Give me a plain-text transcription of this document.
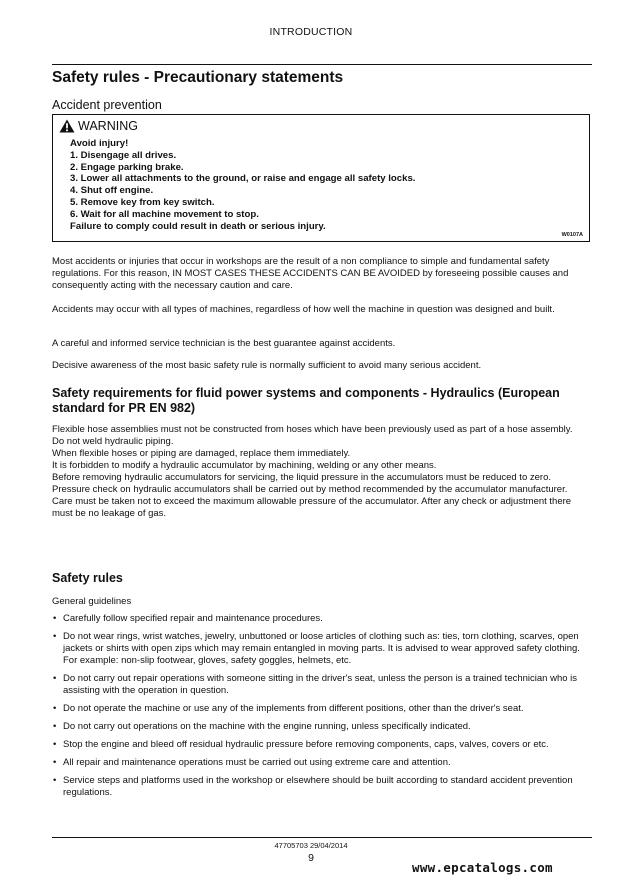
INTRODUCTION
Safety rules - Precautionary statements
Accident prevention
WARNING
Avoid injury!
1. Disengage all drives.
2. Engage parking brake.
3. Lower all attachments to the ground, or raise and engage all safety locks.
4. Shut off engine.
5. Remove key from key switch.
6. Wait for all machine movement to stop.
Failure to comply could result in death or serious injury.
W0107A

Most accidents or injuries that occur in workshops are the result of a non compliance to simple and fundamental safety regulations. For this reason, IN MOST CASES THESE ACCIDENTS CAN BE AVOIDED by foreseeing possible causes and consequently acting with the necessary caution and care.

Accidents may occur with all types of machines, regardless of how well the machine in question was designed and built.

A careful and informed service technician is the best guarantee against accidents.

Decisive awareness of the most basic safety rule is normally sufficient to avoid many serious accident.

Safety requirements for fluid power systems and components - Hydraulics (European standard for PR EN 982)
Flexible hose assemblies must not be constructed from hoses which have been previously used as part of a hose assembly.
Do not weld hydraulic piping.
When flexible hoses or piping are damaged, replace them immediately.
It is forbidden to modify a hydraulic accumulator by machining, welding or any other means.
Before removing hydraulic accumulators for servicing, the liquid pressure in the accumulators must be reduced to zero.
Pressure check on hydraulic accumulators shall be carried out by method recommended by the accumulator manufacturer.
Care must be taken not to exceed the maximum allowable pressure of the accumulator. After any check or adjustment there must be no leakage of gas.
Safety rules

General guidelines

• Carefully follow specified repair and maintenance procedures.
• Do not wear rings, wrist watches, jewelry, unbuttoned or loose articles of clothing such as: ties, torn clothing, scarves, open jackets or shirts with open zips which may remain entangled in moving parts. It is advised to wear approved safety clothing. For example: non-slip footwear, gloves, safety goggles, helmets, etc.
• Do not carry out repair operations with someone sitting in the driver's seat, unless the person is a trained technician who is assisting with the operation in question.
• Do not operate the machine or use any of the implements from different positions, other than the driver's seat.
• Do not carry out operations on the machine with the engine running, unless specifically indicated.
• Stop the engine and bleed off residual hydraulic pressure before removing components, caps, valves, covers or etc.
• All repair and maintenance operations must be carried out using extreme care and attention.
• Service steps and platforms used in the workshop or elsewhere should be built according to standard accident prevention regulations.
47705703 29/04/2014
9
www.epcatalogs.com
